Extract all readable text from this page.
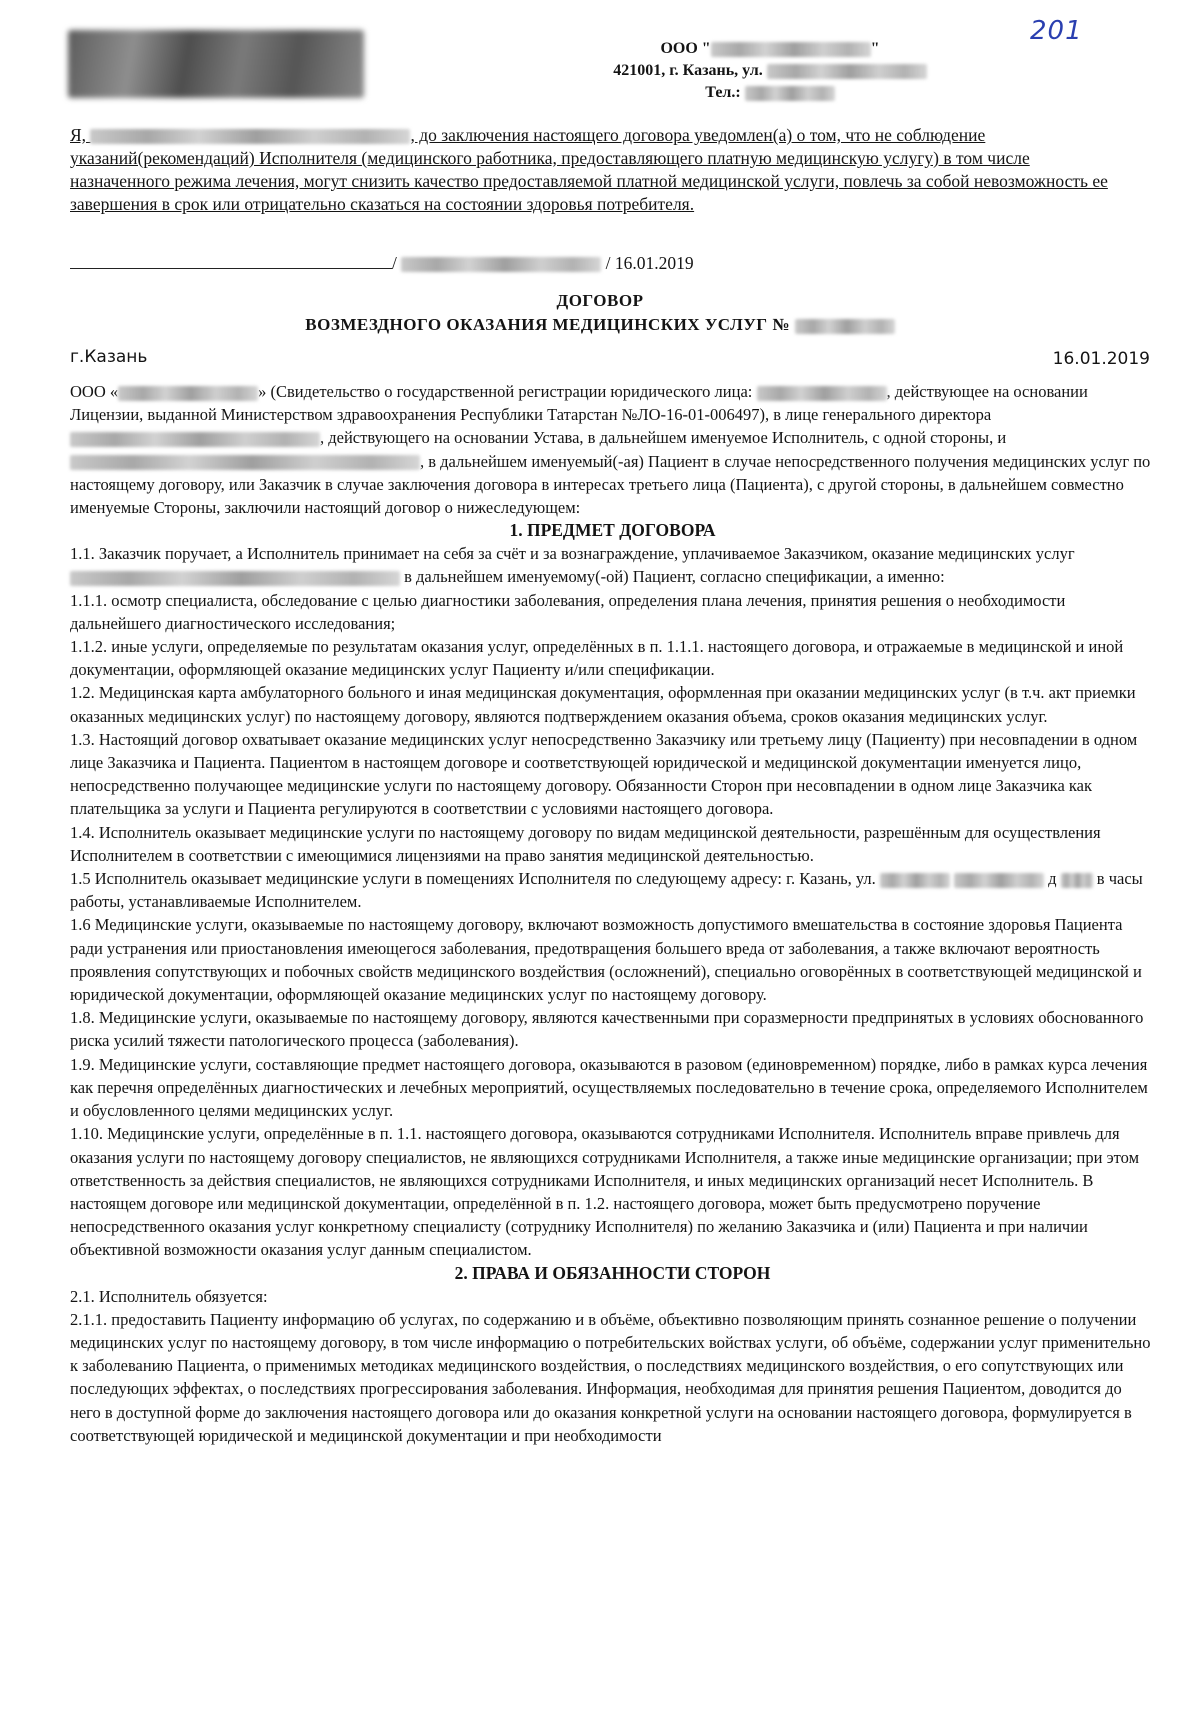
201
ООО "	"
421001, г. Казань, ул.
Тел.:
Я,	, до заключения настоящего договора уведомлен(а) о том, что не соблюдение указаний(рекомендаций) Исполнителя (медицинского работника, предоставляющего платную медицинскую услугу) в том числе назначенного режима лечения, могут снизить качество предоставляемой платной медицинской услуги, повлечь за собой невозможность ее завершения в срок или отрицательно сказаться на состоянии здоровья потребителя.
/	/ 16.01.2019
ДОГОВОР
ВОЗМЕЗДНОГО ОКАЗАНИЯ МЕДИЦИНСКИХ УСЛУГ №
г.Казань	16.01.2019

ООО «	» (Свидетельство о государственной регистрации юридического лица:	, действующее на основании Лицензии, выданной Министерством здравоохранения Республики Татарстан №ЛО-16-01-006497), в лице генерального директора , действующего на основании Устава, в дальнейшем именуемое Исполнитель, с одной стороны, и , в дальнейшем именуемый(-ая) Пациент в случае непосредственного получения медицинских услуг по настоящему договору, или Заказчик в случае заключения договора в интересах третьего лица (Пациента), с другой стороны, в дальнейшем совместно именуемые Стороны, заключили настоящий договор о нижеследующем:

1. ПРЕДМЕТ ДОГОВОРА

1.1. Заказчик поручает, а Исполнитель принимает на себя за счёт и за вознаграждение, уплачиваемое Заказчиком, оказание медицинских услуг  в дальнейшем именуемому(-ой) Пациент, согласно спецификации, а именно:

1.1.1. осмотр специалиста, обследование с целью диагностики заболевания, определения плана лечения, принятия решения о необходимости дальнейшего диагностического исследования;

1.1.2. иные услуги, определяемые по результатам оказания услуг, определённых в п. 1.1.1. настоящего договора, и отражаемые в медицинской и иной документации, оформляющей оказание медицинских услуг Пациенту и/или спецификации.

1.2. Медицинская карта амбулаторного больного и иная медицинская документация, оформленная при оказании медицинских услуг (в т.ч. акт приемки оказанных медицинских услуг) по настоящему договору, являются подтверждением оказания объема, сроков оказания медицинских услуг.

1.3. Настоящий договор охватывает оказание медицинских услуг непосредственно Заказчику или третьему лицу (Пациенту) при несовпадении в одном лице Заказчика и Пациента. Пациентом в настоящем договоре и соответствующей юридической и медицинской документации именуется лицо, непосредственно получающее медицинские услуги по настоящему договору. Обязанности Сторон при несовпадении в одном лице Заказчика как плательщика за услуги и Пациента регулируются в соответствии с условиями настоящего договора.

1.4. Исполнитель оказывает медицинские услуги по настоящему договору по видам медицинской деятельности, разрешённым для осуществления Исполнителем в соответствии с имеющимися лицензиями на право занятия медицинской деятельностью.

1.5 Исполнитель оказывает медицинские услуги в помещениях Исполнителя по следующему адресу: г. Казань, ул.	д в часы работы, устанавливаемые Исполнителем.

1.6 Медицинские услуги, оказываемые по настоящему договору, включают возможность допустимого вмешательства в состояние здоровья Пациента ради устранения или приостановления имеющегося заболевания, предотвращения большего вреда от заболевания, а также включают вероятность проявления сопутствующих и побочных свойств медицинского воздействия (осложнений), специально оговорённых в соответствующей медицинской и юридической документации, оформляющей оказание медицинских услуг по настоящему договору.

1.8. Медицинские услуги, оказываемые по настоящему договору, являются качественными при соразмерности предпринятых в условиях обоснованного риска усилий тяжести патологического процесса (заболевания).

1.9. Медицинские услуги, составляющие предмет настоящего договора, оказываются в разовом (единовременном) порядке, либо в рамках курса лечения как перечня определённых диагностических и лечебных мероприятий, осуществляемых последовательно в течение срока, определяемого Исполнителем и обусловленного целями медицинских услуг.

1.10. Медицинские услуги, определённые в п. 1.1. настоящего договора, оказываются сотрудниками Исполнителя. Исполнитель вправе привлечь для оказания услуги по настоящему договору специалистов, не являющихся сотрудниками Исполнителя, а также иные медицинские организации; при этом ответственность за действия специалистов, не являющихся сотрудниками Исполнителя, и иных медицинских организаций несет Исполнитель. В настоящем договоре или медицинской документации, определённой в п. 1.2. настоящего договора, может быть предусмотрено поручение непосредственного оказания услуг конкретному специалисту (сотруднику Исполнителя) по желанию Заказчика и (или) Пациента и при наличии объективной возможности оказания услуг данным специалистом.

2. ПРАВА И ОБЯЗАННОСТИ СТОРОН

2.1. Исполнитель обязуется:

2.1.1. предоставить Пациенту информацию об услугах, по содержанию и в объёме, объективно позволяющим принять сознанное решение о получении медицинских услуг по настоящему договору, в том числе информацию о потребительских войствах услуги, об объёме, содержании услуг применительно к заболеванию Пациента, о применимых методиках медицинского воздействия, о последствиях медицинского воздействия, о его сопутствующих или последующих эффектах, о последствиях прогрессирования заболевания. Информация, необходимая для принятия решения Пациентом, доводится до него в доступной форме до заключения настоящего договора или до оказания конкретной услуги на основании настоящего договора, формулируется в соответствующей юридической и медицинской документации и при необходимости
